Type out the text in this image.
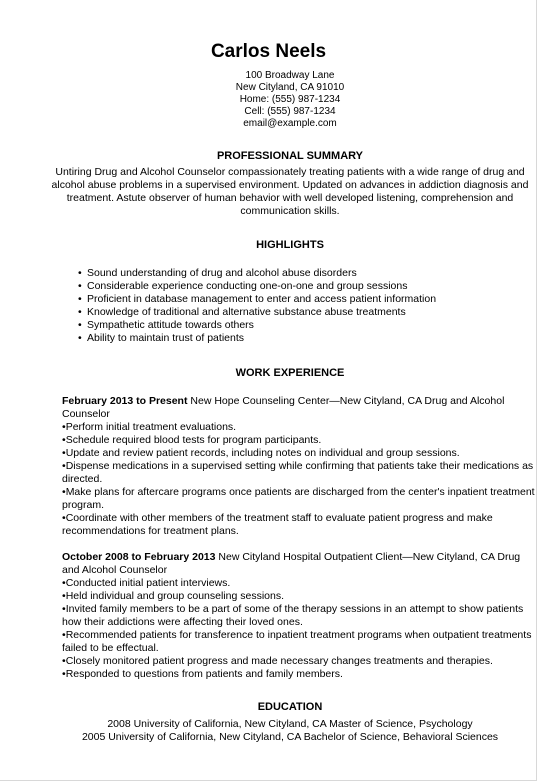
Carlos Neels
100 Broadway Lane
New Cityland, CA 91010
Home: (555) 987-1234
Cell: (555) 987-1234
email@example.com
PROFESSIONAL SUMMARY
Untiring Drug and Alcohol Counselor compassionately treating patients with a wide range of drug and alcohol abuse problems in a supervised environment. Updated on advances in addiction diagnosis and treatment. Astute observer of human behavior with well developed listening, comprehension and communication skills.
HIGHLIGHTS
• Sound understanding of drug and alcohol abuse disorders
• Considerable experience conducting one-on-one and group sessions
• Proficient in database management to enter and access patient information
• Knowledge of traditional and alternative substance abuse treatments
• Sympathetic attitude towards others
• Ability to maintain trust of patients
WORK EXPERIENCE
February 2013 to Present New Hope Counseling Center—New Cityland, CA Drug and Alcohol Counselor
• Perform initial treatment evaluations.
• Schedule required blood tests for program participants.
• Update and review patient records, including notes on individual and group sessions.
• Dispense medications in a supervised setting while confirming that patients take their medications as directed.
• Make plans for aftercare programs once patients are discharged from the center's inpatient treatment program.
• Coordinate with other members of the treatment staff to evaluate patient progress and make recommendations for treatment plans.
October 2008 to February 2013 New Cityland Hospital Outpatient Client—New Cityland, CA Drug and Alcohol Counselor
• Conducted initial patient interviews.
• Held individual and group counseling sessions.
• Invited family members to be a part of some of the therapy sessions in an attempt to show patients how their addictions were affecting their loved ones.
• Recommended patients for transference to inpatient treatment programs when outpatient treatments failed to be effectual.
• Closely monitored patient progress and made necessary changes treatments and therapies.
• Responded to questions from patients and family members.
EDUCATION
2008 University of California, New Cityland, CA Master of Science, Psychology
2005 University of California, New Cityland, CA Bachelor of Science, Behavioral Sciences
